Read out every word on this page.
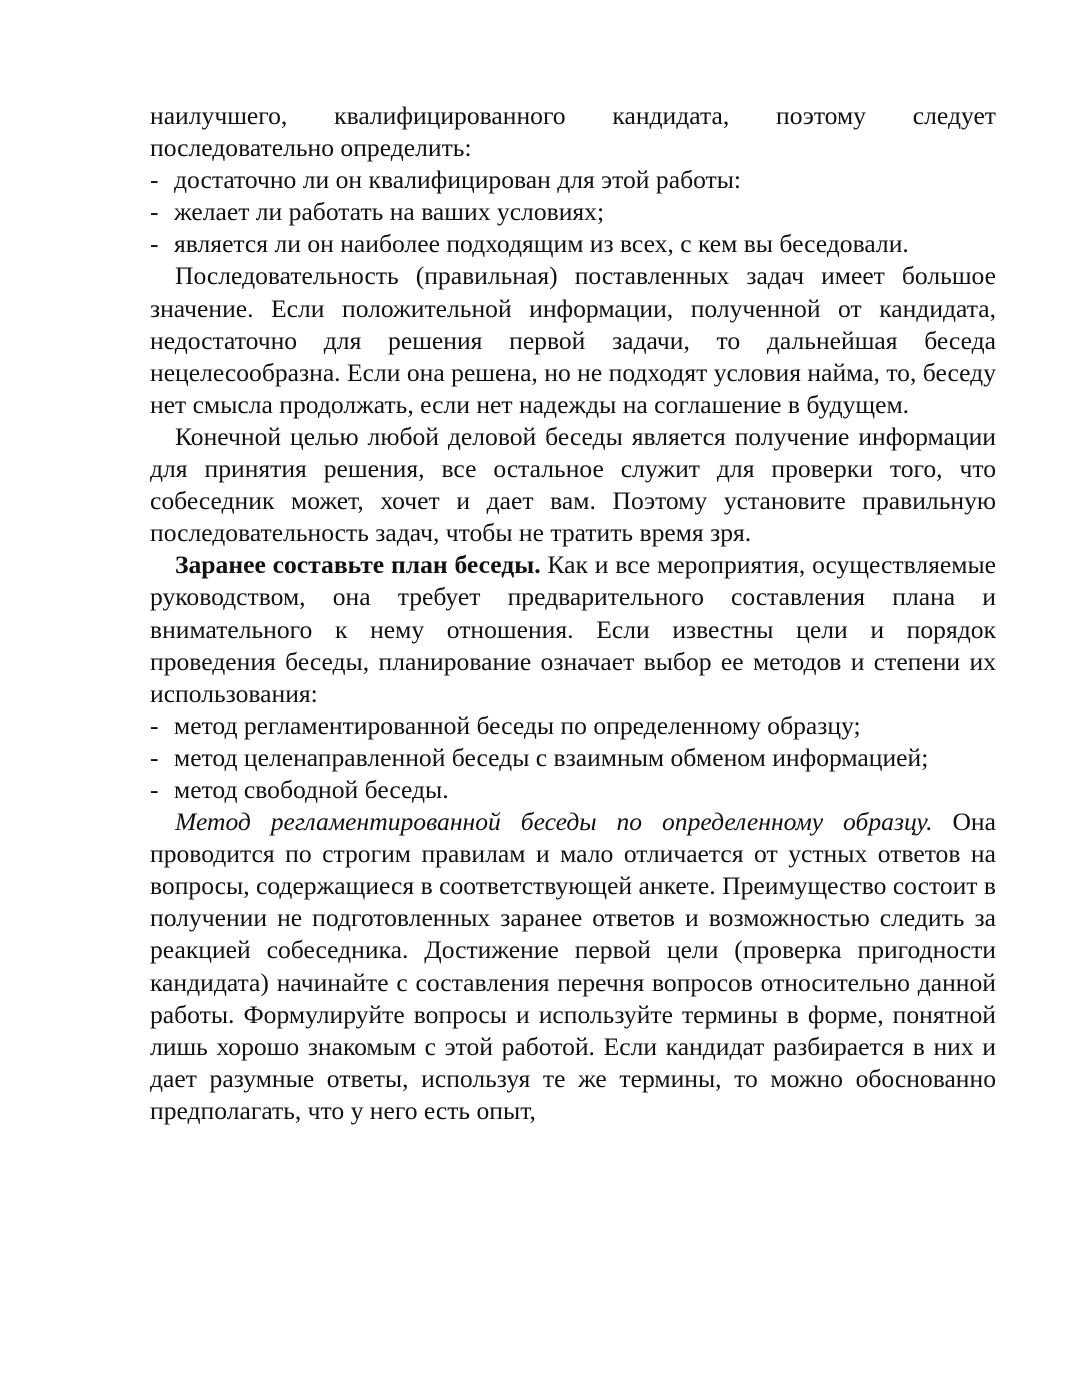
наилучшего, квалифицированного кандидата, поэтому следует последовательно определить:

- достаточно ли он квалифицирован для этой работы:
- желает ли работать на ваших условиях;
- является ли он наиболее подходящим из всех, с кем вы беседовали.

Последовательность (правильная) поставленных задач имеет большое значение. Если положительной информации, полученной от кандидата, недостаточно для решения первой задачи, то дальнейшая беседа нецелесообразна. Если она решена, но не подходят условия найма, то, беседу нет смысла продолжать, если нет надежды на соглашение в будущем.

Конечной целью любой деловой беседы является получение информации для принятия решения, все остальное служит для проверки того, что собеседник может, хочет и дает вам. Поэтому установите правильную последовательность задач, чтобы не тратить время зря.

Заранее составьте план беседы. Как и все мероприятия, осуществляемые руководством, она требует предварительного составления плана и внимательного к нему отношения. Если известны цели и порядок проведения беседы, планирование означает выбор ее методов и степени их использования:

- метод регламентированной беседы по определенному образцу;
- метод целенаправленной беседы с взаимным обменом информацией;
- метод свободной беседы.

Метод регламентированной беседы по определенному образцу. Она проводится по строгим правилам и мало отличается от устных ответов на вопросы, содержащиеся в соответствующей анкете. Преимущество состоит в получении не подготовленных заранее ответов и возможностью следить за реакцией собеседника. Достижение первой цели (проверка пригодности кандидата) начинайте с составления перечня вопросов относительно данной работы. Формулируйте вопросы и используйте термины в форме, понятной лишь хорошо знакомым с этой работой. Если кандидат разбирается в них и дает разумные ответы, используя те же термины, то можно обоснованно предполагать, что у него есть опыт,
